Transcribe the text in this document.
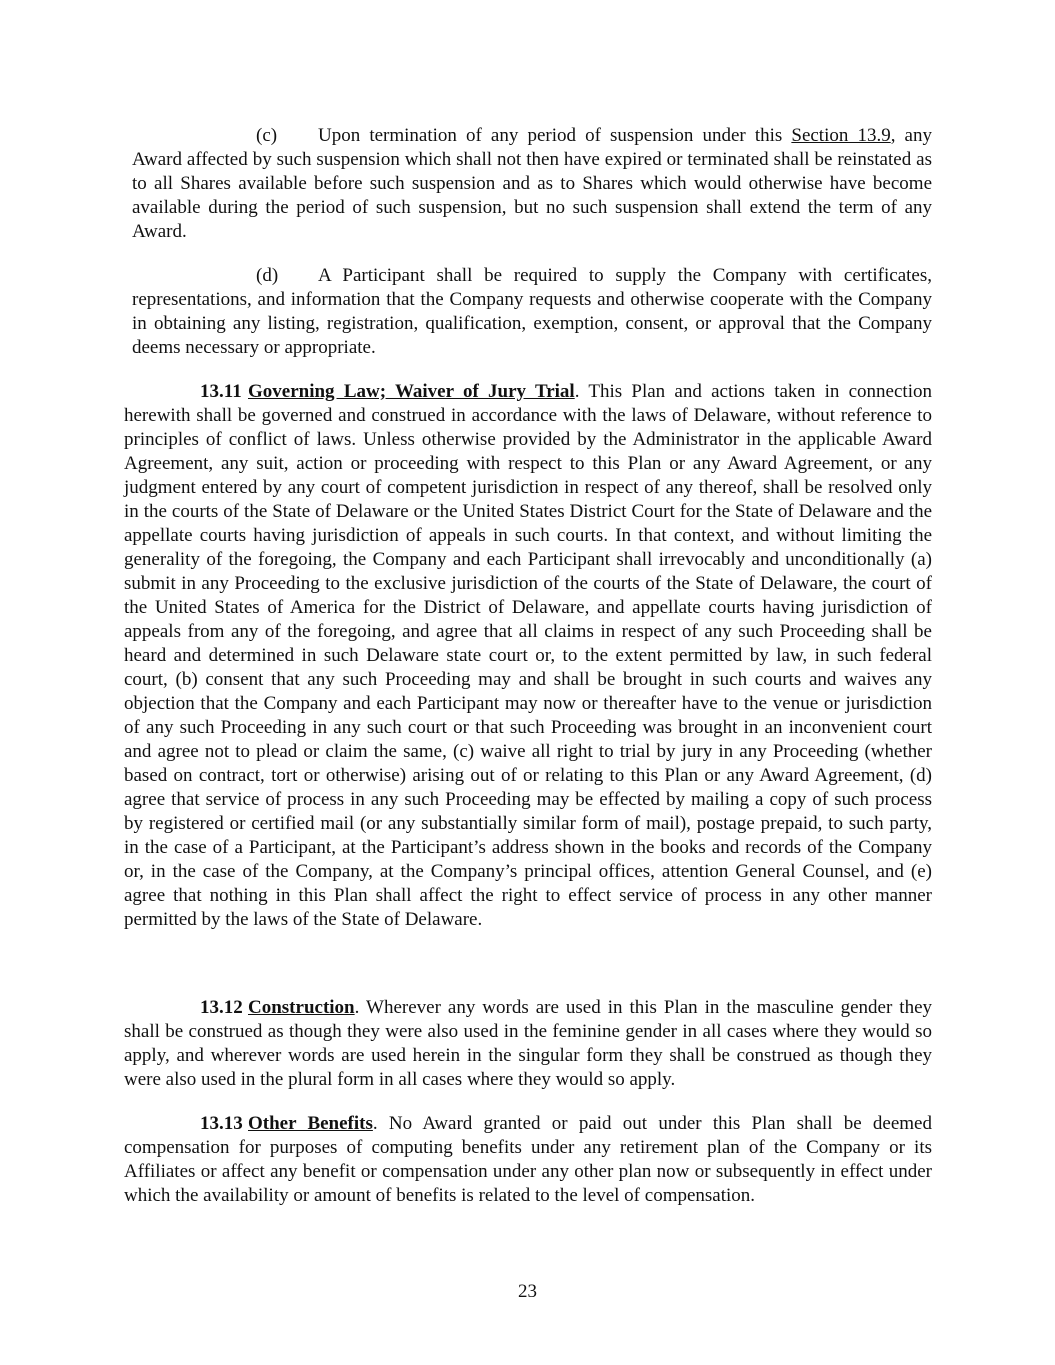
(c) Upon termination of any period of suspension under this Section 13.9, any Award affected by such suspension which shall not then have expired or terminated shall be reinstated as to all Shares available before such suspension and as to Shares which would otherwise have become available during the period of such suspension, but no such suspension shall extend the term of any Award.

(d) A Participant shall be required to supply the Company with certificates, representations, and information that the Company requests and otherwise cooperate with the Company in obtaining any listing, registration, qualification, exemption, consent, or approval that the Company deems necessary or appropriate.

13.11 Governing Law; Waiver of Jury Trial. This Plan and actions taken in connection herewith shall be governed and construed in accordance with the laws of Delaware, without reference to principles of conflict of laws. Unless otherwise provided by the Administrator in the applicable Award Agreement, any suit, action or proceeding with respect to this Plan or any Award Agreement, or any judgment entered by any court of competent jurisdiction in respect of any thereof, shall be resolved only in the courts of the State of Delaware or the United States District Court for the State of Delaware and the appellate courts having jurisdiction of appeals in such courts. In that context, and without limiting the generality of the foregoing, the Company and each Participant shall irrevocably and unconditionally (a) submit in any Proceeding to the exclusive jurisdiction of the courts of the State of Delaware, the court of the United States of America for the District of Delaware, and appellate courts having jurisdiction of appeals from any of the foregoing, and agree that all claims in respect of any such Proceeding shall be heard and determined in such Delaware state court or, to the extent permitted by law, in such federal court, (b) consent that any such Proceeding may and shall be brought in such courts and waives any objection that the Company and each Participant may now or thereafter have to the venue or jurisdiction of any such Proceeding in any such court or that such Proceeding was brought in an inconvenient court and agree not to plead or claim the same, (c) waive all right to trial by jury in any Proceeding (whether based on contract, tort or otherwise) arising out of or relating to this Plan or any Award Agreement, (d) agree that service of process in any such Proceeding may be effected by mailing a copy of such process by registered or certified mail (or any substantially similar form of mail), postage prepaid, to such party, in the case of a Participant, at the Participant’s address shown in the books and records of the Company or, in the case of the Company, at the Company’s principal offices, attention General Counsel, and (e) agree that nothing in this Plan shall affect the right to effect service of process in any other manner permitted by the laws of the State of Delaware.

13.12 Construction. Wherever any words are used in this Plan in the masculine gender they shall be construed as though they were also used in the feminine gender in all cases where they would so apply, and wherever words are used herein in the singular form they shall be construed as though they were also used in the plural form in all cases where they would so apply.

13.13 Other Benefits. No Award granted or paid out under this Plan shall be deemed compensation for purposes of computing benefits under any retirement plan of the Company or its Affiliates or affect any benefit or compensation under any other plan now or subsequently in effect under which the availability or amount of benefits is related to the level of compensation.

23
